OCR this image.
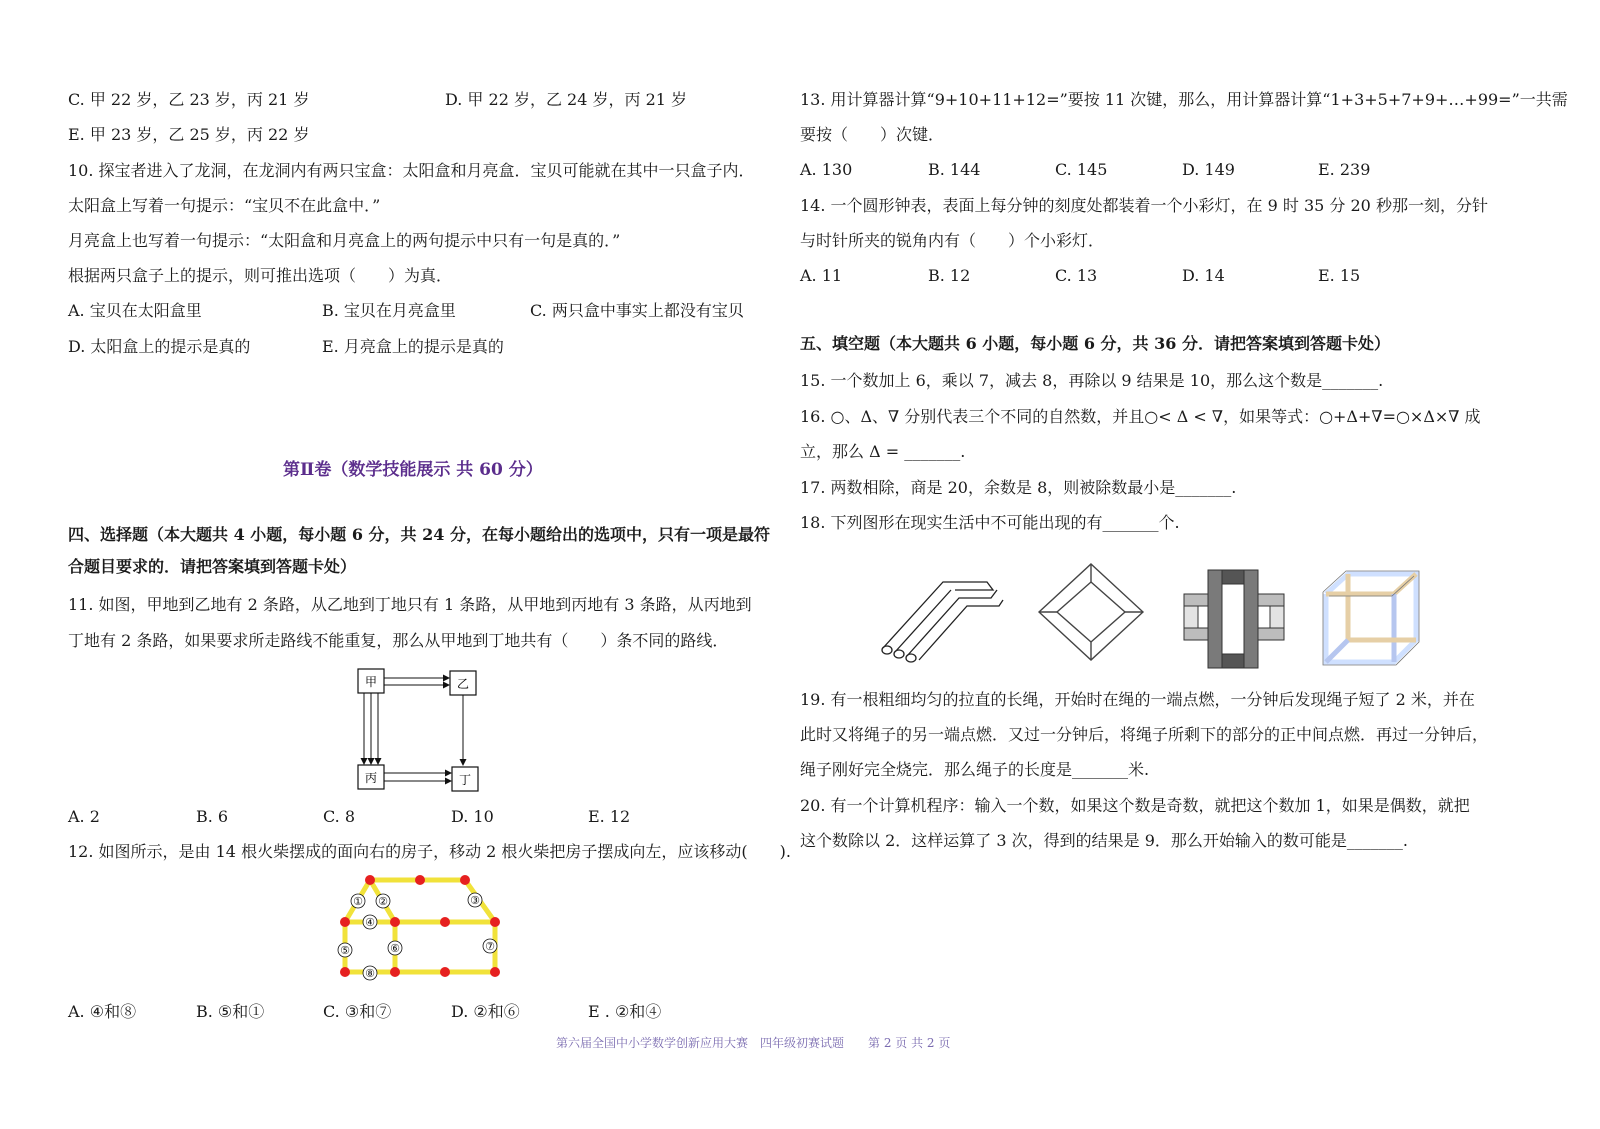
C. 甲 22 岁，乙 23 岁，丙 21 岁	D. 甲 22 岁，乙 24 岁，丙 21 岁
E. 甲 23 岁，乙 25 岁，丙 22 岁
10. 探宝者进入了龙洞，在龙洞内有两只宝盒：太阳盒和月亮盒．宝贝可能就在其中一只盒子内．
太阳盒上写着一句提示：“宝贝不在此盒中．”
月亮盒上也写着一句提示：“太阳盒和月亮盒上的两句提示中只有一句是真的．”
根据两只盒子上的提示，则可推出选项（　　）为真．
A. 宝贝在太阳盒里	B. 宝贝在月亮盒里	C. 两只盒中事实上都没有宝贝
D. 太阳盒上的提示是真的	E. 月亮盒上的提示是真的
第Ⅱ卷（数学技能展示 共 60 分）
四、选择题（本大题共 4 小题，每小题 6 分，共 24 分，在每小题给出的选项中，只有一项是最符
合题目要求的．请把答案填到答题卡处）
11. 如图，甲地到乙地有 2 条路，从乙地到丁地只有 1 条路，从甲地到丙地有 3 条路，从丙地到
丁地有 2 条路，如果要求所走路线不能重复，那么从甲地到丁地共有（　　）条不同的路线．
甲	乙
丙	丁
A. 2	B. 6	C. 8	D. 10	E. 12
12. 如图所示，是由 14 根火柴摆成的面向右的房子，移动 2 根火柴把房子摆成向左，应该移动(　　).
① ②	③
④
⑤	⑥	⑦
⑧
A. ④和⑧	B. ⑤和①	C. ③和⑦	D. ②和⑥	E . ②和④
13. 用计算器计算“9+10+11+12=”要按 11 次键，那么，用计算器计算“1+3+5+7+9+…+99=”一共需
要按（　　）次键．
A. 130	B. 144	C. 145	D. 149	E. 239
14. 一个圆形钟表，表面上每分钟的刻度处都装着一个小彩灯，在 9 时 35 分 20 秒那一刻，分针
与时针所夹的锐角内有（　　）个小彩灯．
A. 11	B. 12	C. 13	D. 14	E. 15
五、填空题（本大题共 6 小题，每小题 6 分，共 36 分．请把答案填到答题卡处）
15. 一个数加上 6，乘以 7，减去 8，再除以 9 结果是 10，那么这个数是_______.
16. ○、Δ、∇ 分别代表三个不同的自然数，并且○< Δ < ∇，如果等式：○+Δ+∇=○×Δ×∇ 成
立，那么 Δ = _______.
17. 两数相除，商是 20，余数是 8，则被除数最小是_______.
18. 下列图形在现实生活中不可能出现的有_______个.
19. 有一根粗细均匀的拉直的长绳，开始时在绳的一端点燃，一分钟后发现绳子短了 2 米，并在
此时又将绳子的另一端点燃．又过一分钟后，将绳子所剩下的部分的正中间点燃．再过一分钟后，
绳子刚好完全烧完．那么绳子的长度是_______米.
20. 有一个计算机程序：输入一个数，如果这个数是奇数，就把这个数加 1，如果是偶数，就把
这个数除以 2．这样运算了 3 次，得到的结果是 9．那么开始输入的数可能是_______.
第六届全国中小学数学创新应用大赛　四年级初赛试题　　第 2 页 共 2 页
